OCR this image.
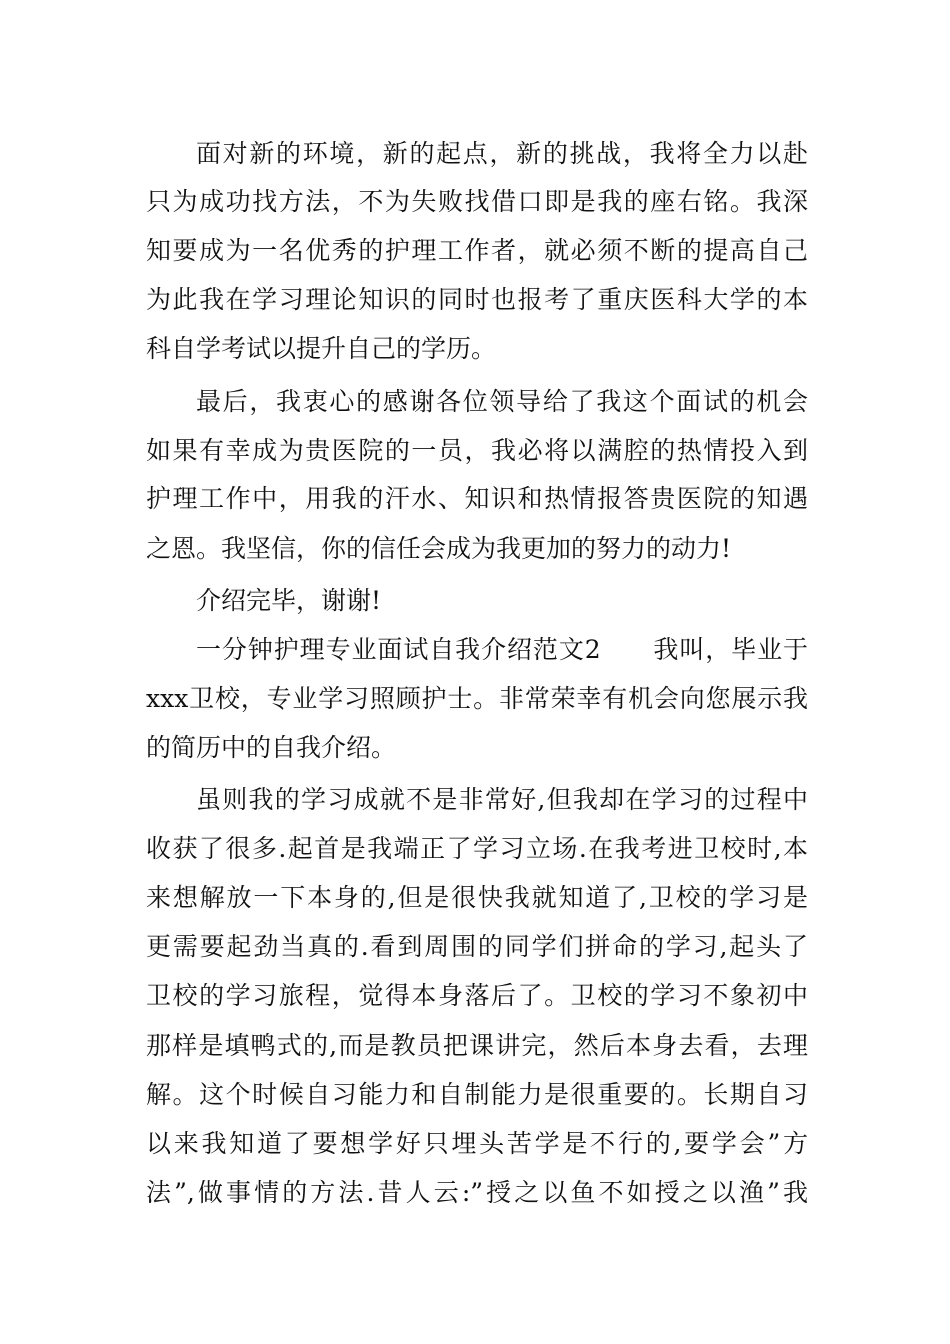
面对新的环境，新的起点，新的挑战，我将全力以赴
只为成功找方法，不为失败找借口即是我的座右铭。我深
知要成为一名优秀的护理工作者，就必须不断的提高自己
为此我在学习理论知识的同时也报考了重庆医科大学的本
科自学考试以提升自己的学历。
最后，我衷心的感谢各位领导给了我这个面试的机会
如果有幸成为贵医院的一员，我必将以满腔的热情投入到
护理工作中，用我的汗水、知识和热情报答贵医院的知遇
之恩。我坚信，你的信任会成为我更加的努力的动力!
介绍完毕，谢谢!
一分钟护理专业面试自我介绍范文2　　我叫，毕业于
xxx卫校，专业学习照顾护士。非常荣幸有机会向您展示我
的简历中的自我介绍。
虽则我的学习成就不是非常好,但我却在学习的过程中
收获了很多.起首是我端正了学习立场.在我考进卫校时,本
来想解放一下本身的,但是很快我就知道了,卫校的学习是
更需要起劲当真的.看到周围的同学们拼命的学习,起头了
卫校的学习旅程，觉得本身落后了。卫校的学习不象初中
那样是填鸭式的,而是教员把课讲完，然后本身去看，去理
解。这个时候自习能力和自制能力是很重要的。长期自习
以来我知道了要想学好只埋头苦学是不行的,要学会”方
法”,做事情的方法.昔人云:”授之以鱼不如授之以渔”我
